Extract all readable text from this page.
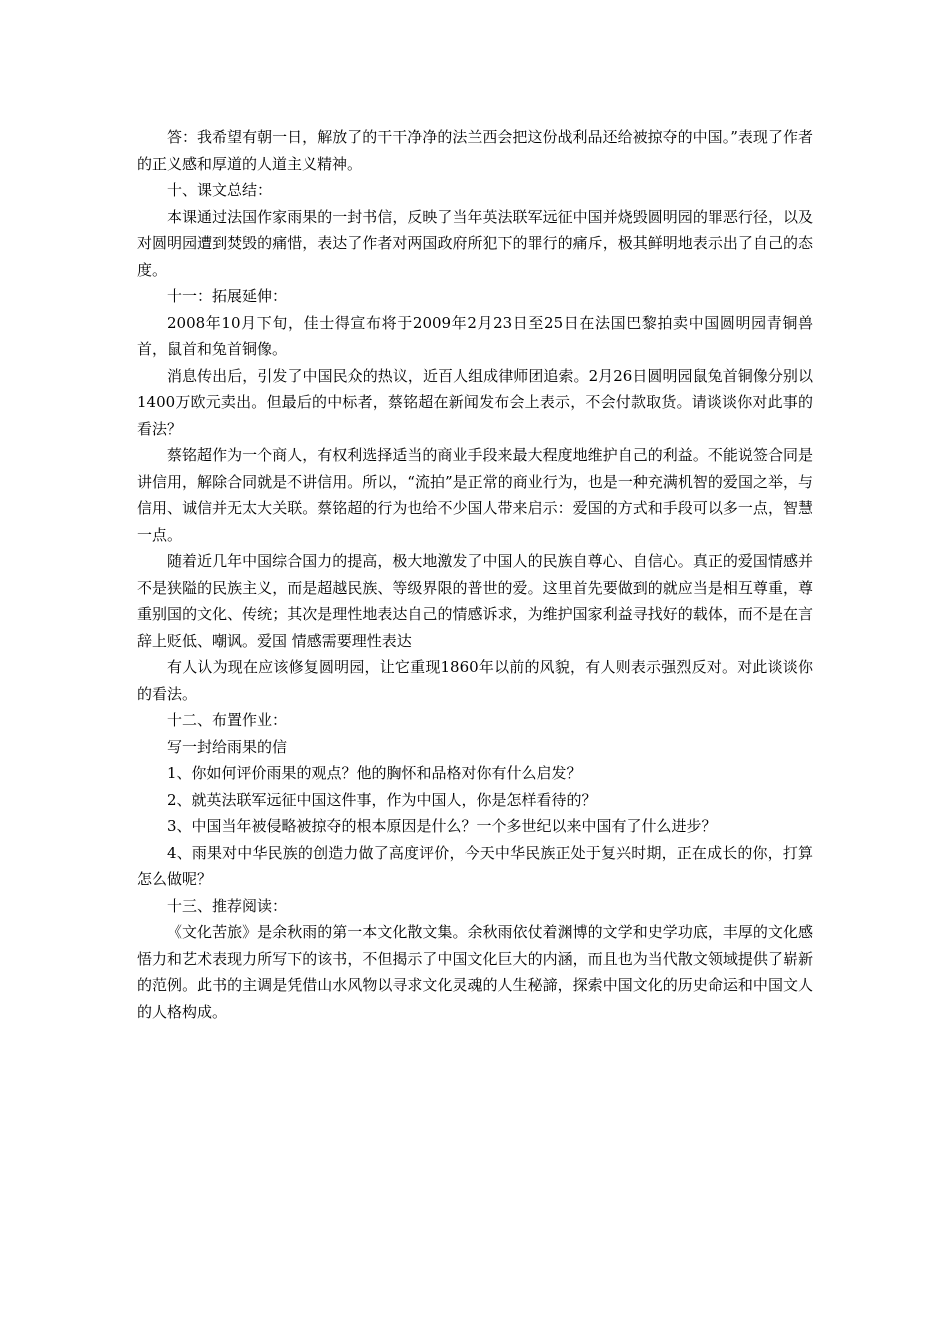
答：我希望有朝一日，解放了的干干净净的法兰西会把这份战利品还给被掠夺的中国。”表现了作者的正义感和厚道的人道主义精神。

十、课文总结：

本课通过法国作家雨果的一封书信，反映了当年英法联军远征中国并烧毁圆明园的罪恶行径，以及对圆明园遭到焚毁的痛惜，表达了作者对两国政府所犯下的罪行的痛斥，极其鲜明地表示出了自己的态度。

十一：拓展延伸：

2008年10月下旬，佳士得宣布将于2009年2月23日至25日在法国巴黎拍卖中国圆明园青铜兽首，鼠首和兔首铜像。

消息传出后，引发了中国民众的热议，近百人组成律师团追索。2月26日圆明园鼠兔首铜像分别以1400万欧元卖出。但最后的中标者，蔡铭超在新闻发布会上表示，不会付款取货。请谈谈你对此事的看法？

蔡铭超作为一个商人，有权利选择适当的商业手段来最大程度地维护自己的利益。不能说签合同是讲信用，解除合同就是不讲信用。所以，“流拍”是正常的商业行为，也是一种充满机智的爱国之举，与信用、诚信并无太大关联。蔡铭超的行为也给不少国人带来启示：爱国的方式和手段可以多一点，智慧一点。

随着近几年中国综合国力的提高，极大地激发了中国人的民族自尊心、自信心。真正的爱国情感并不是狭隘的民族主义，而是超越民族、等级界限的普世的爱。这里首先要做到的就应当是相互尊重，尊重别国的文化、传统；其次是理性地表达自己的情感诉求，为维护国家利益寻找好的载体，而不是在言辞上贬低、嘲讽。爱国 情感需要理性表达

有人认为现在应该修复圆明园，让它重现1860年以前的风貌，有人则表示强烈反对。对此谈谈你的看法。

十二、布置作业：

写一封给雨果的信

1、你如何评价雨果的观点？他的胸怀和品格对你有什么启发？

2、就英法联军远征中国这件事，作为中国人，你是怎样看待的？

3、中国当年被侵略被掠夺的根本原因是什么？一个多世纪以来中国有了什么进步？

4、雨果对中华民族的创造力做了高度评价，今天中华民族正处于复兴时期，正在成长的你，打算怎么做呢？

十三、推荐阅读：

《文化苦旅》是余秋雨的第一本文化散文集。余秋雨依仗着渊博的文学和史学功底，丰厚的文化感悟力和艺术表现力所写下的该书，不但揭示了中国文化巨大的内涵，而且也为当代散文领域提供了崭新的范例。此书的主调是凭借山水风物以寻求文化灵魂的人生秘諦，探索中国文化的历史命运和中国文人的人格构成。
